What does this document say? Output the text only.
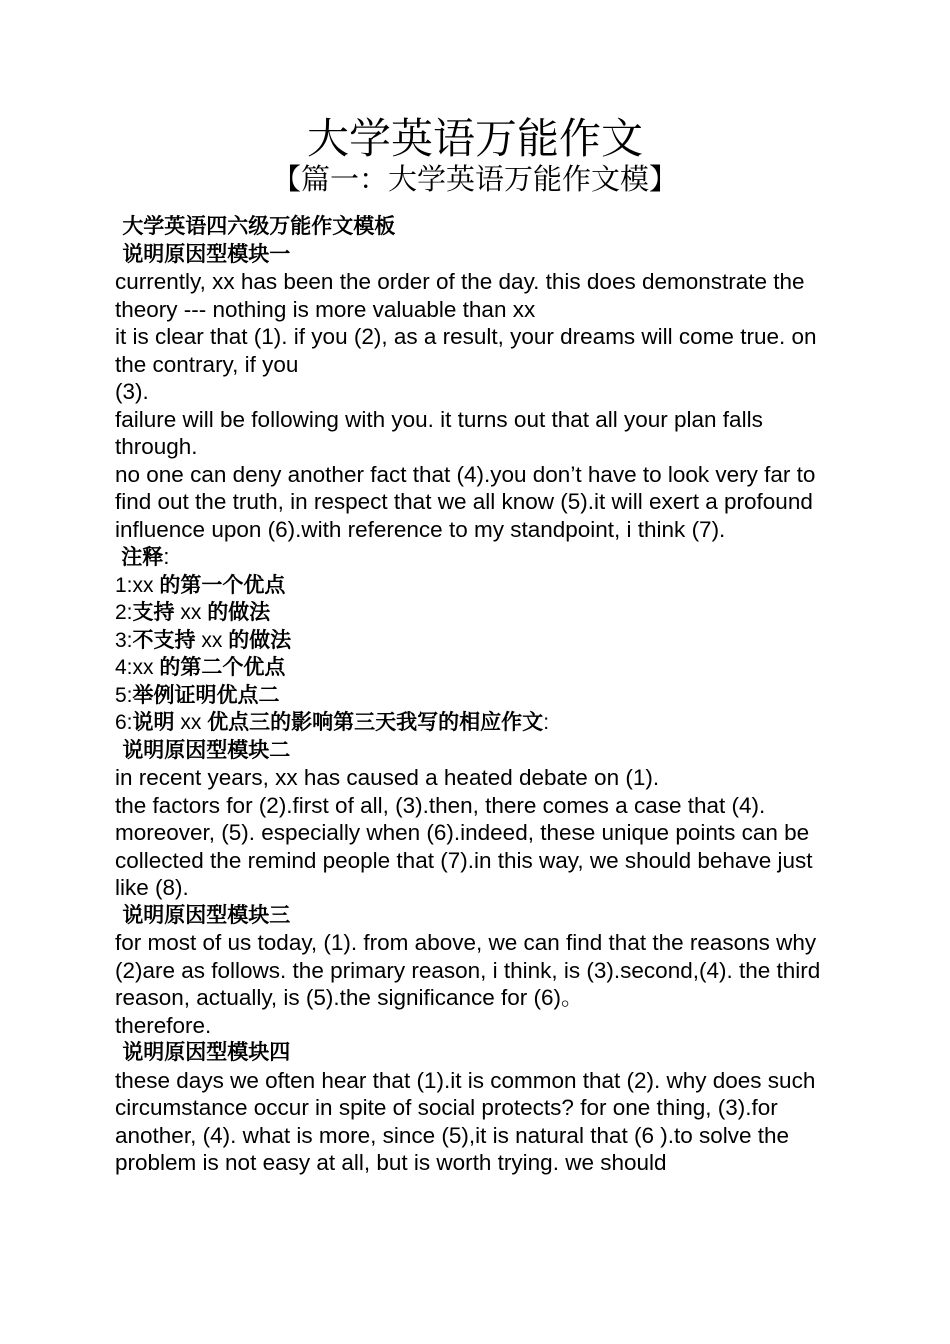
大学英语万能作文
【篇一：大学英语万能作文模】

大学英语四六级万能作文模板

说明原因型模块一

currently, xx has been the order of the day. this does demonstrate the theory --- nothing is more valuable than xx

it is clear that (1). if you (2), as a result, your dreams will come true. on the contrary, if you

(3).

failure will be following with you. it turns out that all your plan falls through.

no one can deny another fact that (4).you don’t have to look very far to find out the truth, in respect that we all know (5).it will exert a profound influence upon (6).with reference to my standpoint, i think (7).

注释:

1:xx 的第一个优点

2:支持 xx 的做法

3:不支持 xx 的做法

4:xx 的第二个优点

5:举例证明优点二

6:说明 xx 优点三的影响第三天我写的相应作文:

说明原因型模块二

in recent years, xx has caused a heated debate on (1).

the factors for (2).first of all, (3).then, there comes a case that (4). moreover, (5). especially when (6).indeed, these unique points can be collected the remind people that (7).in this way, we should behave just like (8).

说明原因型模块三

for most of us today, (1). from above, we can find that the reasons why (2)are as follows. the primary reason, i think, is (3).second,(4). the third reason, actually, is (5).the significance for (6)。

therefore.

说明原因型模块四

these days we often hear that (1).it is common that (2). why does such circumstance occur in spite of social protects? for one thing, (3).for another, (4). what is more, since (5),it is natural that (6 ).to solve the problem is not easy at all, but is worth trying. we should
